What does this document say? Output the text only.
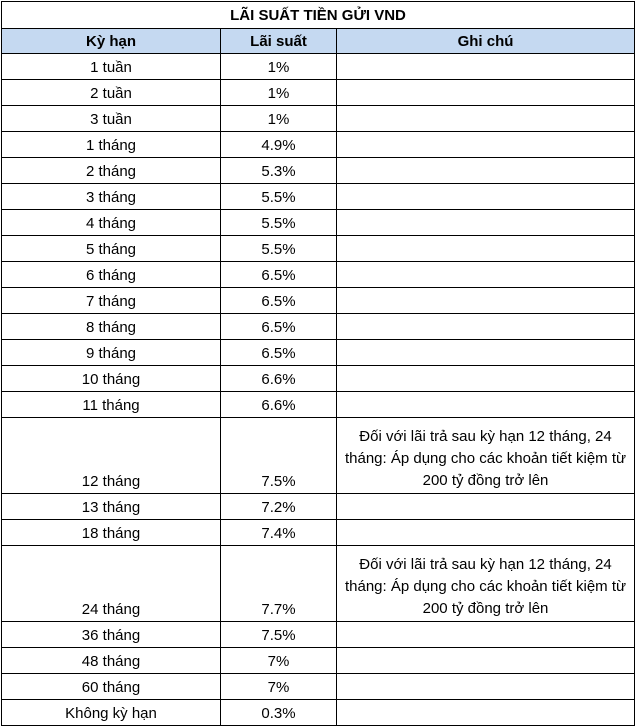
LÃI SUẤT TIỀN GỬI VND		
Kỳ hạn	Lãi suất	Ghi chú
1 tuần	1%	
2 tuần	1%	
3 tuần	1%	
1 tháng	4.9%	
2 tháng	5.3%	
3 tháng	5.5%	
4 tháng	5.5%	
5 tháng	5.5%	
6 tháng	6.5%	
7 tháng	6.5%	
8 tháng	6.5%	
9 tháng	6.5%	
10 tháng	6.6%	
11 tháng	6.6%	
12 tháng	7.5%	Đối với lãi trả sau kỳ hạn 12 tháng, 24 tháng: Áp dụng cho các khoản tiết kiệm từ 200 tỷ đồng trở lên
13 tháng	7.2%	
18 tháng	7.4%	
24 tháng	7.7%	Đối với lãi trả sau kỳ hạn 12 tháng, 24 tháng: Áp dụng cho các khoản tiết kiệm từ 200 tỷ đồng trở lên
36 tháng	7.5%	
48 tháng	7%	
60 tháng	7%	
Không kỳ hạn	0.3%	
